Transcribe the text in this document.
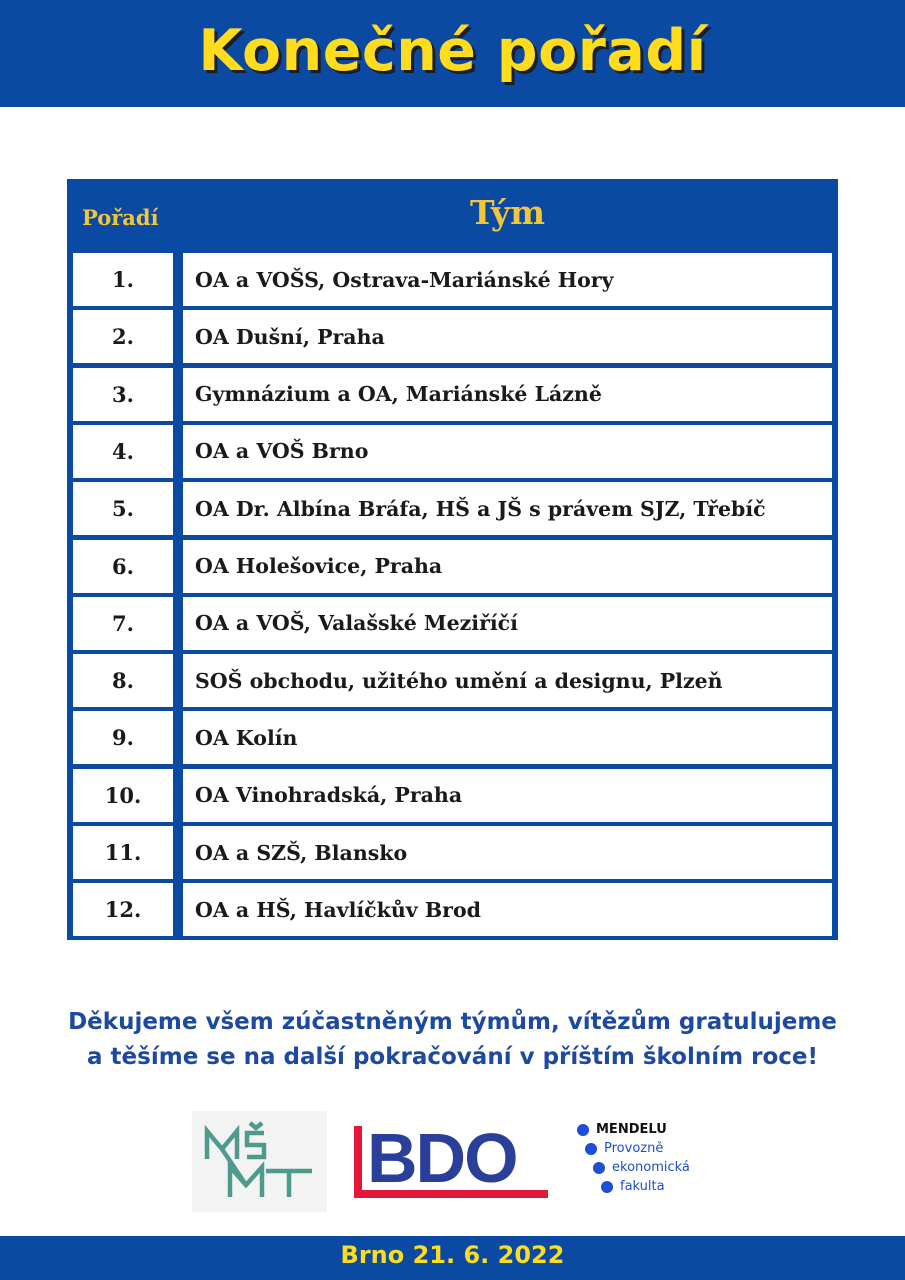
Konečné pořadí
Pořadí	Tým
1.	OA a VOŠS, Ostrava-Mariánské Hory
2.	OA Dušní, Praha
3.	Gymnázium a OA, Mariánské Lázně
4.	OA a VOŠ Brno
5.	OA Dr. Albína Bráfa, HŠ a JŠ s právem SJZ, Třebíč
6.	OA Holešovice, Praha
7.	OA a VOŠ, Valašské Meziříčí
8.	SOŠ obchodu, užitého umění a designu, Plzeň
9.	OA Kolín
10.	OA Vinohradská, Praha
11.	OA a SZŠ, Blansko
12.	OA a HŠ, Havlíčkův Brod
Děkujeme všem zúčastněným týmům, vítězům gratulujeme
a těšíme se na další pokračování v příštím školním roce!
BDO	MENDELU
Provozně
ekonomická
fakulta
Brno 21. 6. 2022
